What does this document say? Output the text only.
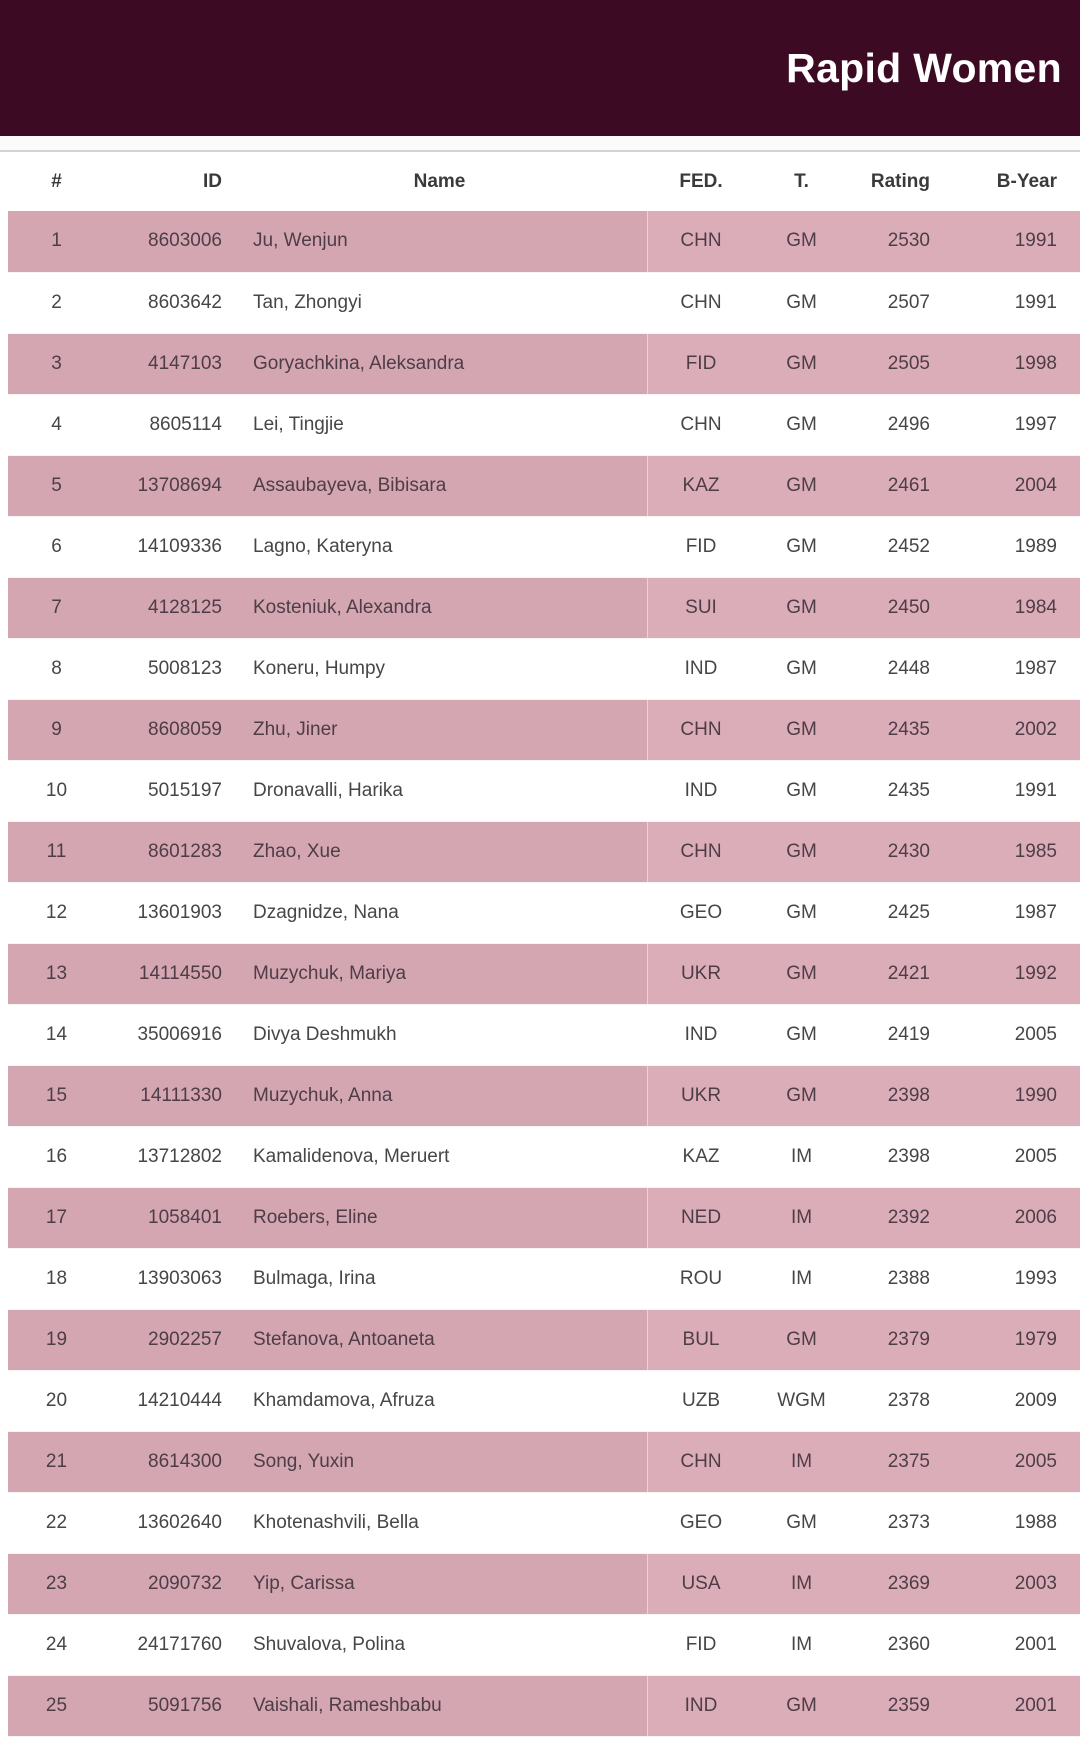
Rapid Women
#	ID	Name	FED.	T.	Rating	B-Year
1	8603006	Ju, Wenjun	CHN	GM	2530	1991
2	8603642	Tan, Zhongyi	CHN	GM	2507	1991
3	4147103	Goryachkina, Aleksandra	FID	GM	2505	1998
4	8605114	Lei, Tingjie	CHN	GM	2496	1997
5	13708694	Assaubayeva, Bibisara	KAZ	GM	2461	2004
6	14109336	Lagno, Kateryna	FID	GM	2452	1989
7	4128125	Kosteniuk, Alexandra	SUI	GM	2450	1984
8	5008123	Koneru, Humpy	IND	GM	2448	1987
9	8608059	Zhu, Jiner	CHN	GM	2435	2002
10	5015197	Dronavalli, Harika	IND	GM	2435	1991
11	8601283	Zhao, Xue	CHN	GM	2430	1985
12	13601903	Dzagnidze, Nana	GEO	GM	2425	1987
13	14114550	Muzychuk, Mariya	UKR	GM	2421	1992
14	35006916	Divya Deshmukh	IND	GM	2419	2005
15	14111330	Muzychuk, Anna	UKR	GM	2398	1990
16	13712802	Kamalidenova, Meruert	KAZ	IM	2398	2005
17	1058401	Roebers, Eline	NED	IM	2392	2006
18	13903063	Bulmaga, Irina	ROU	IM	2388	1993
19	2902257	Stefanova, Antoaneta	BUL	GM	2379	1979
20	14210444	Khamdamova, Afruza	UZB	WGM	2378	2009
21	8614300	Song, Yuxin	CHN	IM	2375	2005
22	13602640	Khotenashvili, Bella	GEO	GM	2373	1988
23	2090732	Yip, Carissa	USA	IM	2369	2003
24	24171760	Shuvalova, Polina	FID	IM	2360	2001
25	5091756	Vaishali, Rameshbabu	IND	GM	2359	2001
